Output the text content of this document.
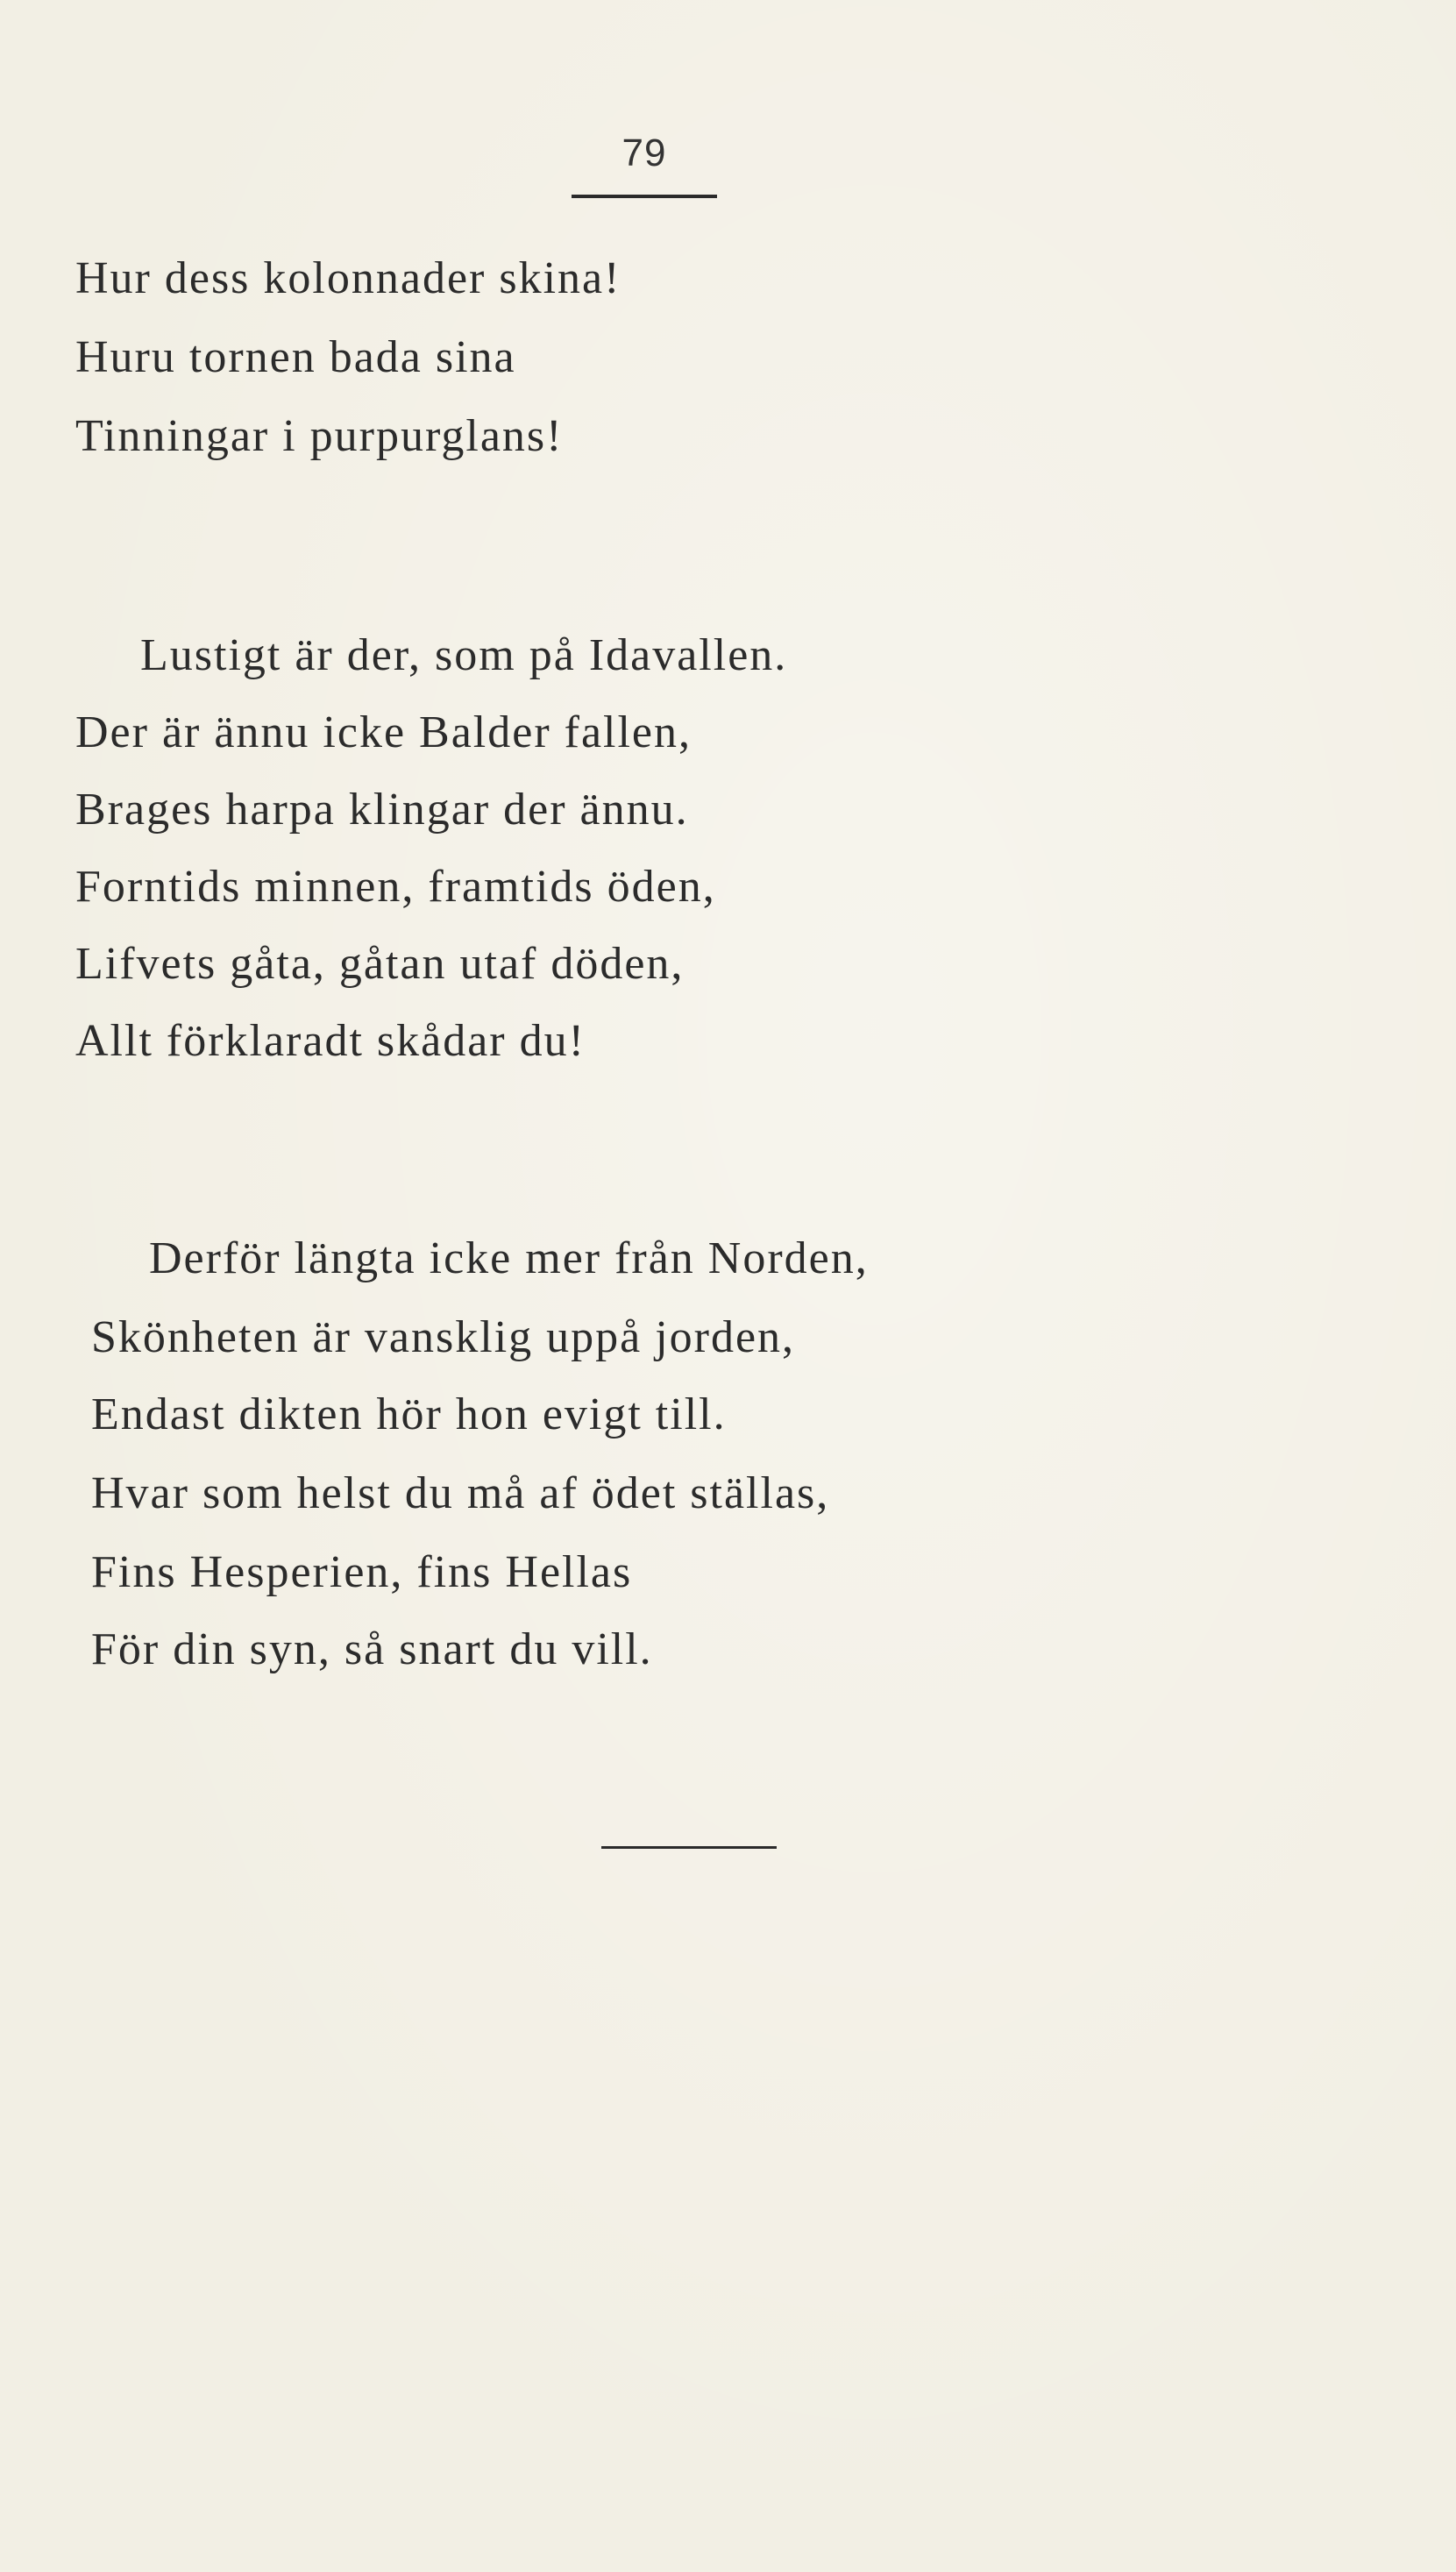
79
Hur dess kolonnader skina!
Huru tornen bada sina
Tinningar i purpurglans!
Lustigt är der, som på Idavallen.
Der är ännu icke Balder fallen,
Brages harpa klingar der ännu.
Forntids minnen, framtids öden,
Lifvets gåta, gåtan utaf döden,
Allt förklaradt skådar du!
Derför längta icke mer från Norden,
Skönheten är vansklig uppå jorden,
Endast dikten hör hon evigt till.
Hvar som helst du må af ödet ställas,
Fins Hesperien, fins Hellas
För din syn, så snart du vill.
